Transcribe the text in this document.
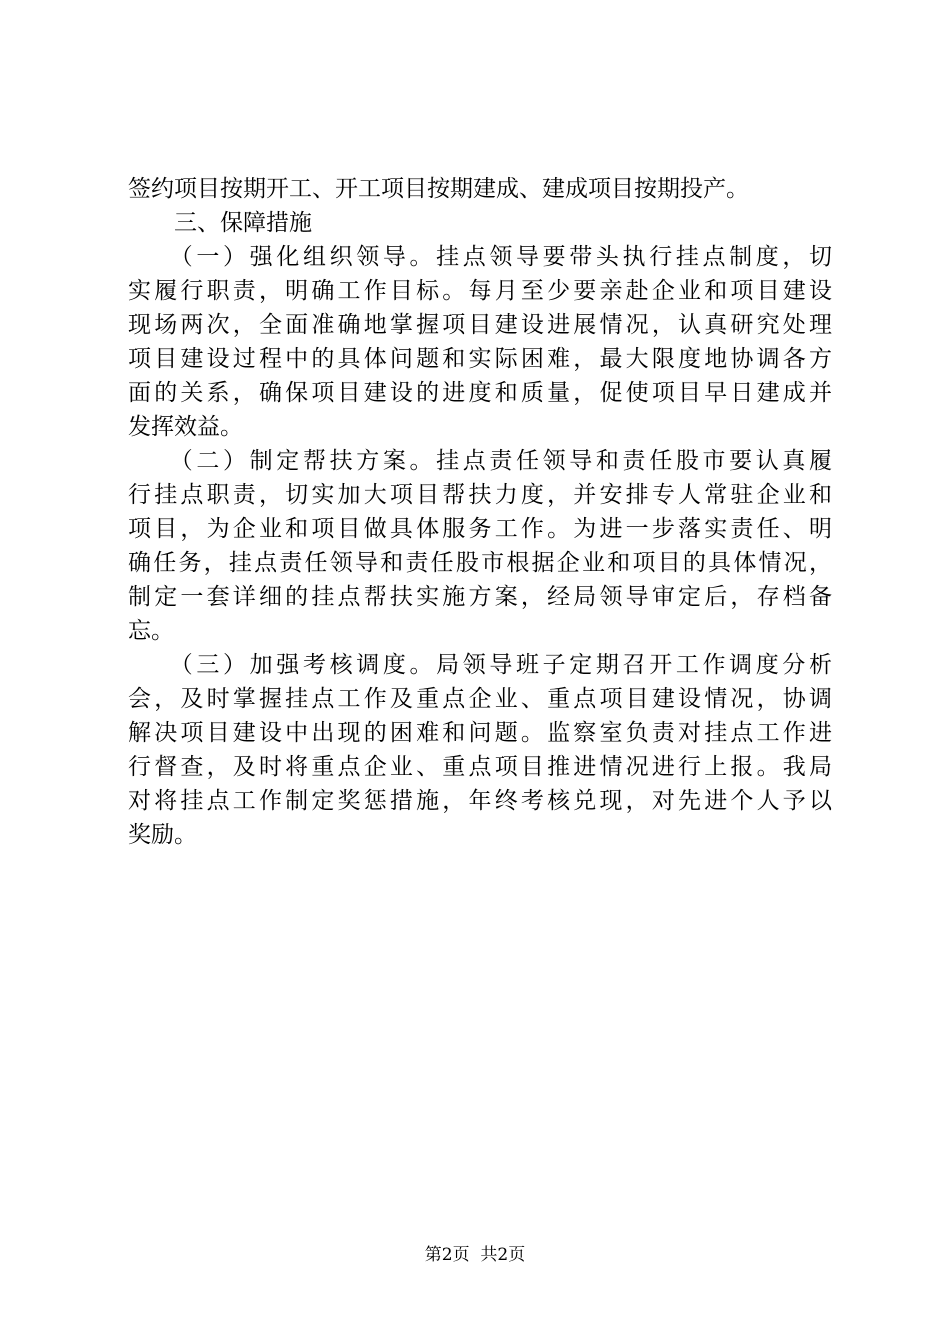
签约项目按期开工、开工项目按期建成、建成项目按期投产。
　　三、保障措施
　　（一）强化组织领导。挂点领导要带头执行挂点制度，切
实履行职责，明确工作目标。每月至少要亲赴企业和项目建设
现场两次，全面准确地掌握项目建设进展情况，认真研究处理
项目建设过程中的具体问题和实际困难，最大限度地协调各方
面的关系，确保项目建设的进度和质量，促使项目早日建成并
发挥效益。
　　（二）制定帮扶方案。挂点责任领导和责任股市要认真履
行挂点职责，切实加大项目帮扶力度，并安排专人常驻企业和
项目，为企业和项目做具体服务工作。为进一步落实责任、明
确任务，挂点责任领导和责任股市根据企业和项目的具体情况，
制定一套详细的挂点帮扶实施方案，经局领导审定后，存档备
忘。
　　（三）加强考核调度。局领导班子定期召开工作调度分析
会，及时掌握挂点工作及重点企业、重点项目建设情况，协调
解决项目建设中出现的困难和问题。监察室负责对挂点工作进
行督查，及时将重点企业、重点项目推进情况进行上报。我局
对将挂点工作制定奖惩措施，年终考核兑现，对先进个人予以
奖励。
第2页  共2页
